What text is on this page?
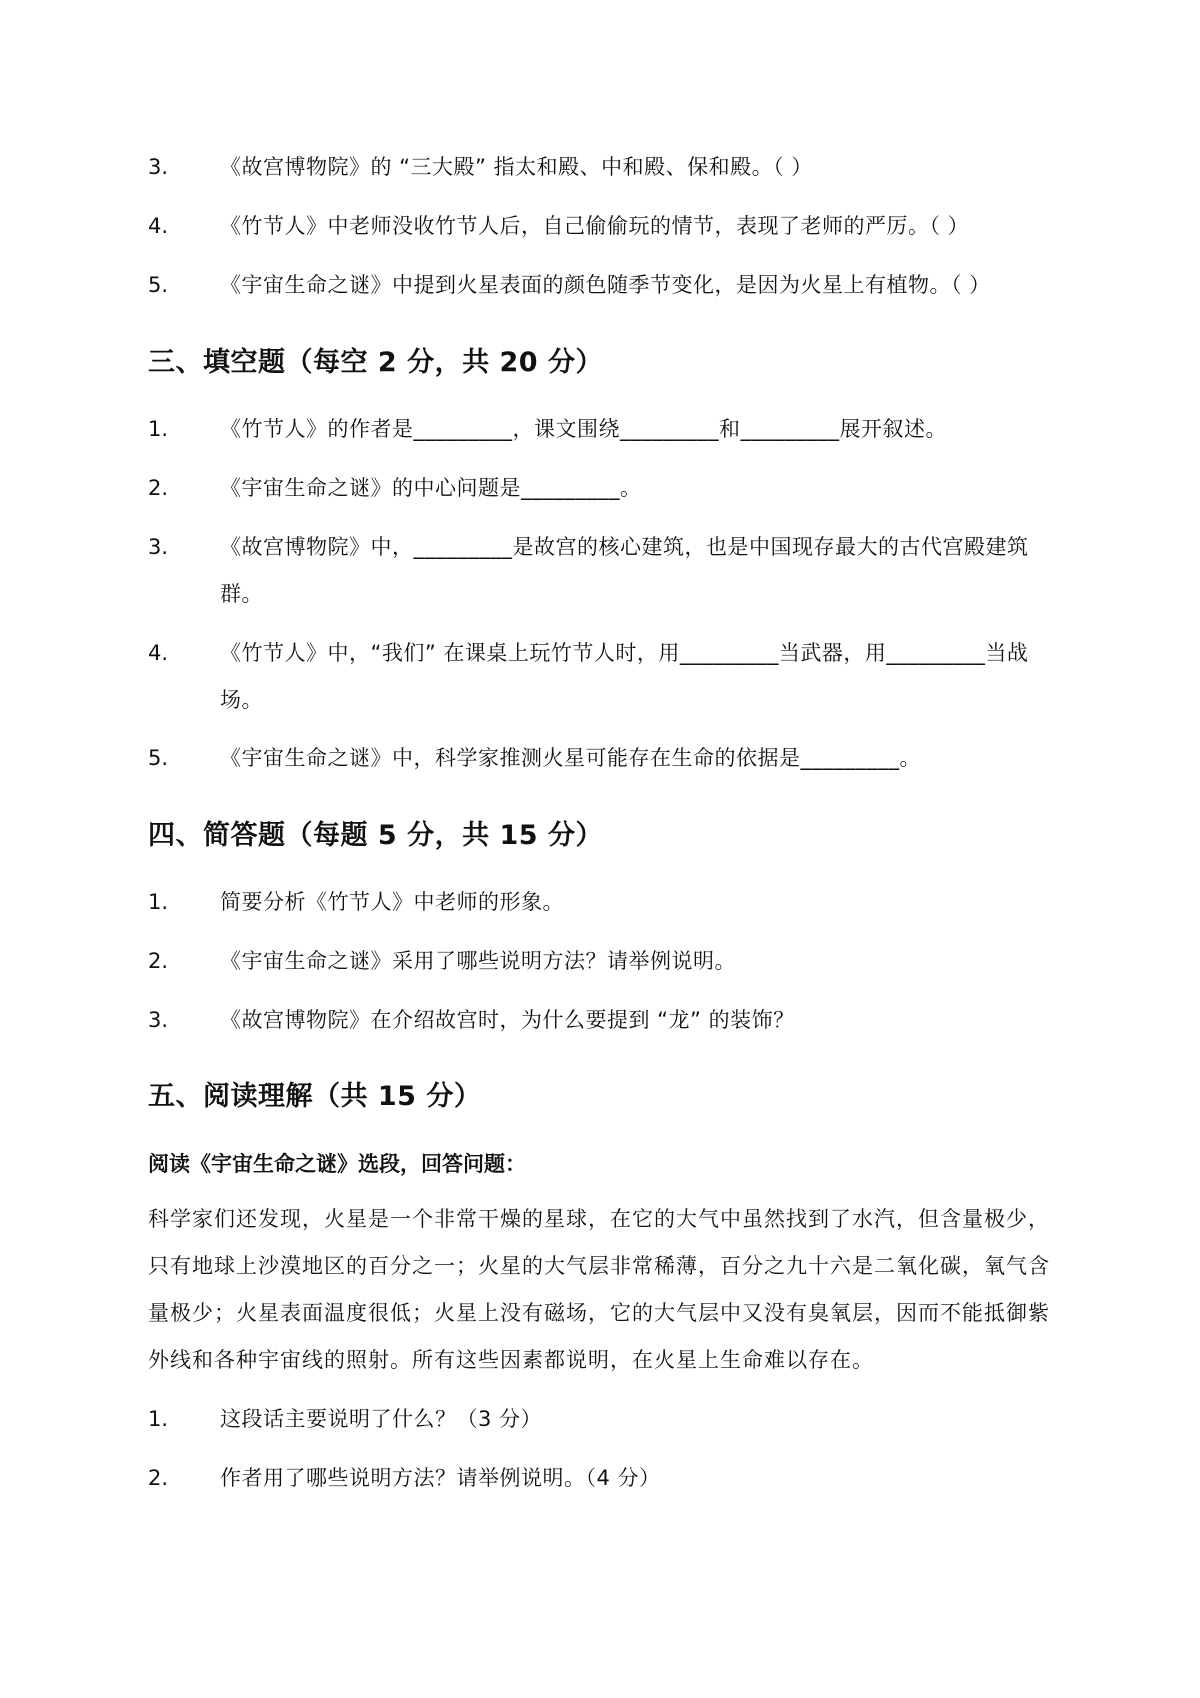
3.	《故宫博物院》的 “三大殿” 指太和殿、中和殿、保和殿。（ ）
4.	《竹节人》中老师没收竹节人后，自己偷偷玩的情节，表现了老师的严厉。（ ）
5.	《宇宙生命之谜》中提到火星表面的颜色随季节变化，是因为火星上有植物。（ ）
三、填空题（每空 2 分，共 20 分）
1.	《竹节人》的作者是_________，课文围绕_________和_________展开叙述。
2.	《宇宙生命之谜》的中心问题是_________。
3.	《故宫博物院》中，_________是故宫的核心建筑，也是中国现存最大的古代宫殿建筑群。
4.	《竹节人》中，“我们” 在课桌上玩竹节人时，用_________当武器，用_________当战场。
5.	《宇宙生命之谜》中，科学家推测火星可能存在生命的依据是_________。
四、简答题（每题 5 分，共 15 分）
1.	简要分析《竹节人》中老师的形象。
2.	《宇宙生命之谜》采用了哪些说明方法？请举例说明。
3.	《故宫博物院》在介绍故宫时，为什么要提到 “龙” 的装饰？
五、阅读理解（共 15 分）
阅读《宇宙生命之谜》选段，回答问题：
科学家们还发现，火星是一个非常干燥的星球，在它的大气中虽然找到了水汽，但含量极少，只有地球上沙漠地区的百分之一；火星的大气层非常稀薄，百分之九十六是二氧化碳，氧气含量极少；火星表面温度很低；火星上没有磁场，它的大气层中又没有臭氧层，因而不能抵御紫外线和各种宇宙线的照射。所有这些因素都说明，在火星上生命难以存在。
1.	这段话主要说明了什么？（3 分）
2.	作者用了哪些说明方法？请举例说明。（4 分）
